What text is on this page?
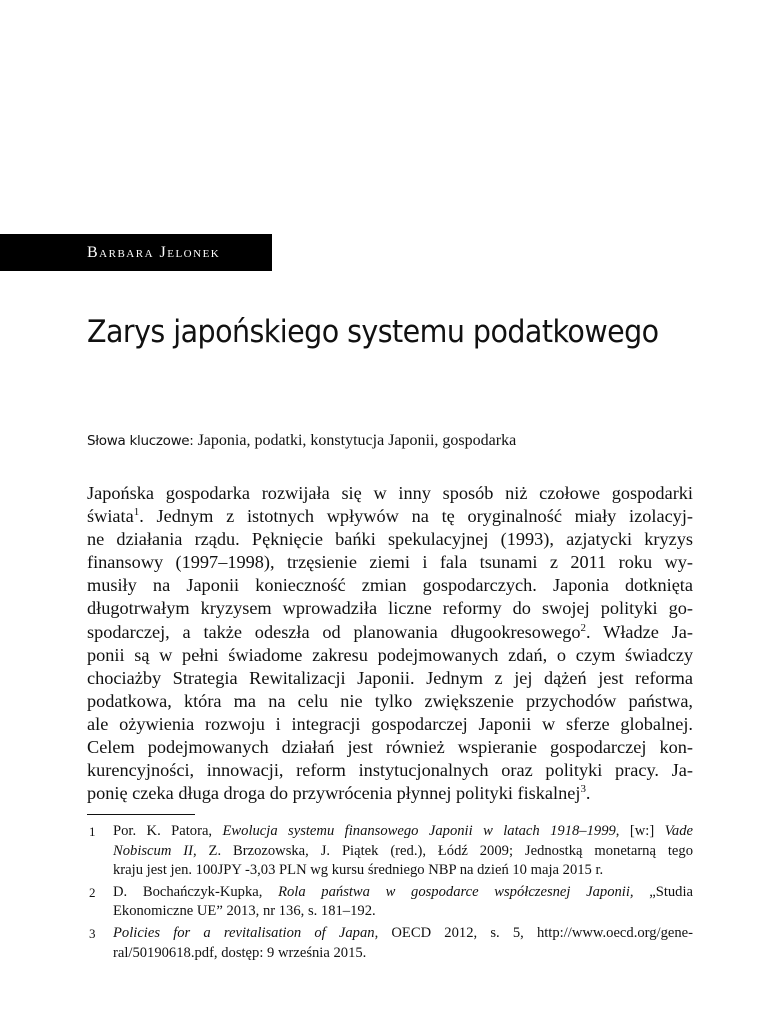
Barbara Jelonek
Zarys japońskiego systemu podatkowego
Słowa kluczowe: Japonia, podatki, konstytucja Japonii, gospodarka

Japońska gospodarka rozwijała się w inny sposób niż czołowe gospodarki
świata$^1$. Jednym z istotnych wpływów na tę oryginalność miały izolacyj-
ne działania rządu. Pęknięcie bańki spekulacyjnej (1993), azjatycki kryzys
finansowy (1997–1998), trzęsienie ziemi i fala tsunami z 2011 roku wy-
musiły na Japonii konieczność zmian gospodarczych. Japonia dotknięta
długotrwałym kryzysem wprowadziła liczne reformy do swojej polityki go-
spodarczej, a także odeszła od planowania długookresowego$^2$. Władze Ja-
ponii są w pełni świadome zakresu podejmowanych zdań, o czym świadczy
chociażby Strategia Rewitalizacji Japonii. Jednym z jej dążeń jest reforma
podatkowa, która ma na celu nie tylko zwiększenie przychodów państwa,
ale ożywienia rozwoju i integracji gospodarczej Japonii w sferze globalnej.
Celem podejmowanych działań jest również wspieranie gospodarczej kon-
kurencyjności, innowacji, reform instytucjonalnych oraz polityki pracy. Ja-
ponię czeka długa droga do przywrócenia płynnej polityki fiskalnej$^3$.

1 Por. K. Patora, Ewolucja systemu finansowego Japonii w latach 1918–1999, [w:] Vade
Nobiscum II, Z. Brzozowska, J. Piątek (red.), Łódź 2009; Jednostką monetarną tego
kraju jest jen. 100JPY -3,03 PLN wg kursu średniego NBP na dzień 10 maja 2015 r.
2 D. Bochańczyk-Kupka, Rola państwa w gospodarce współczesnej Japonii, „Studia
Ekonomiczne UE” 2013, nr 136, s. 181–192.
3 Policies for a revitalisation of Japan, OECD 2012, s. 5, http://www.oecd.org/gene-
ral/50190618.pdf, dostęp: 9 września 2015.
